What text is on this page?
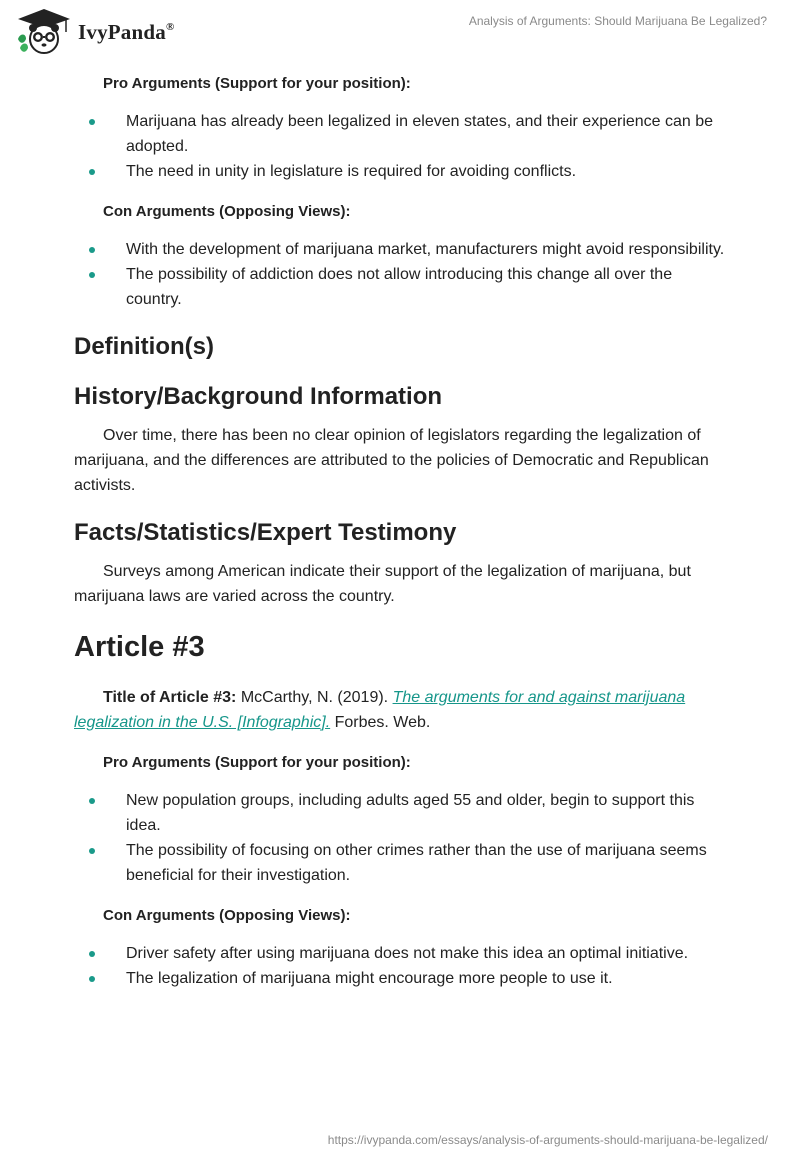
IvyPanda®	Analysis of Arguments: Should Marijuana Be Legalized?
Pro Arguments (Support for your position):
Marijuana has already been legalized in eleven states, and their experience can be adopted.
The need in unity in legislature is required for avoiding conflicts.
Con Arguments (Opposing Views):
With the development of marijuana market, manufacturers might avoid responsibility.
The possibility of addiction does not allow introducing this change all over the country.
Definition(s)
History/Background Information

Over time, there has been no clear opinion of legislators regarding the legalization of marijuana, and the differences are attributed to the policies of Democratic and Republican activists.

Facts/Statistics/Expert Testimony

Surveys among American indicate their support of the legalization of marijuana, but marijuana laws are varied across the country.

Article #3

Title of Article #3: McCarthy, N. (2019). The arguments for and against marijuana legalization in the U.S. [Infographic]. Forbes. Web.

Pro Arguments (Support for your position):
New population groups, including adults aged 55 and older, begin to support this idea.
The possibility of focusing on other crimes rather than the use of marijuana seems beneficial for their investigation.
Con Arguments (Opposing Views):
Driver safety after using marijuana does not make this idea an optimal initiative.
The legalization of marijuana might encourage more people to use it.
https://ivypanda.com/essays/analysis-of-arguments-should-marijuana-be-legalized/
